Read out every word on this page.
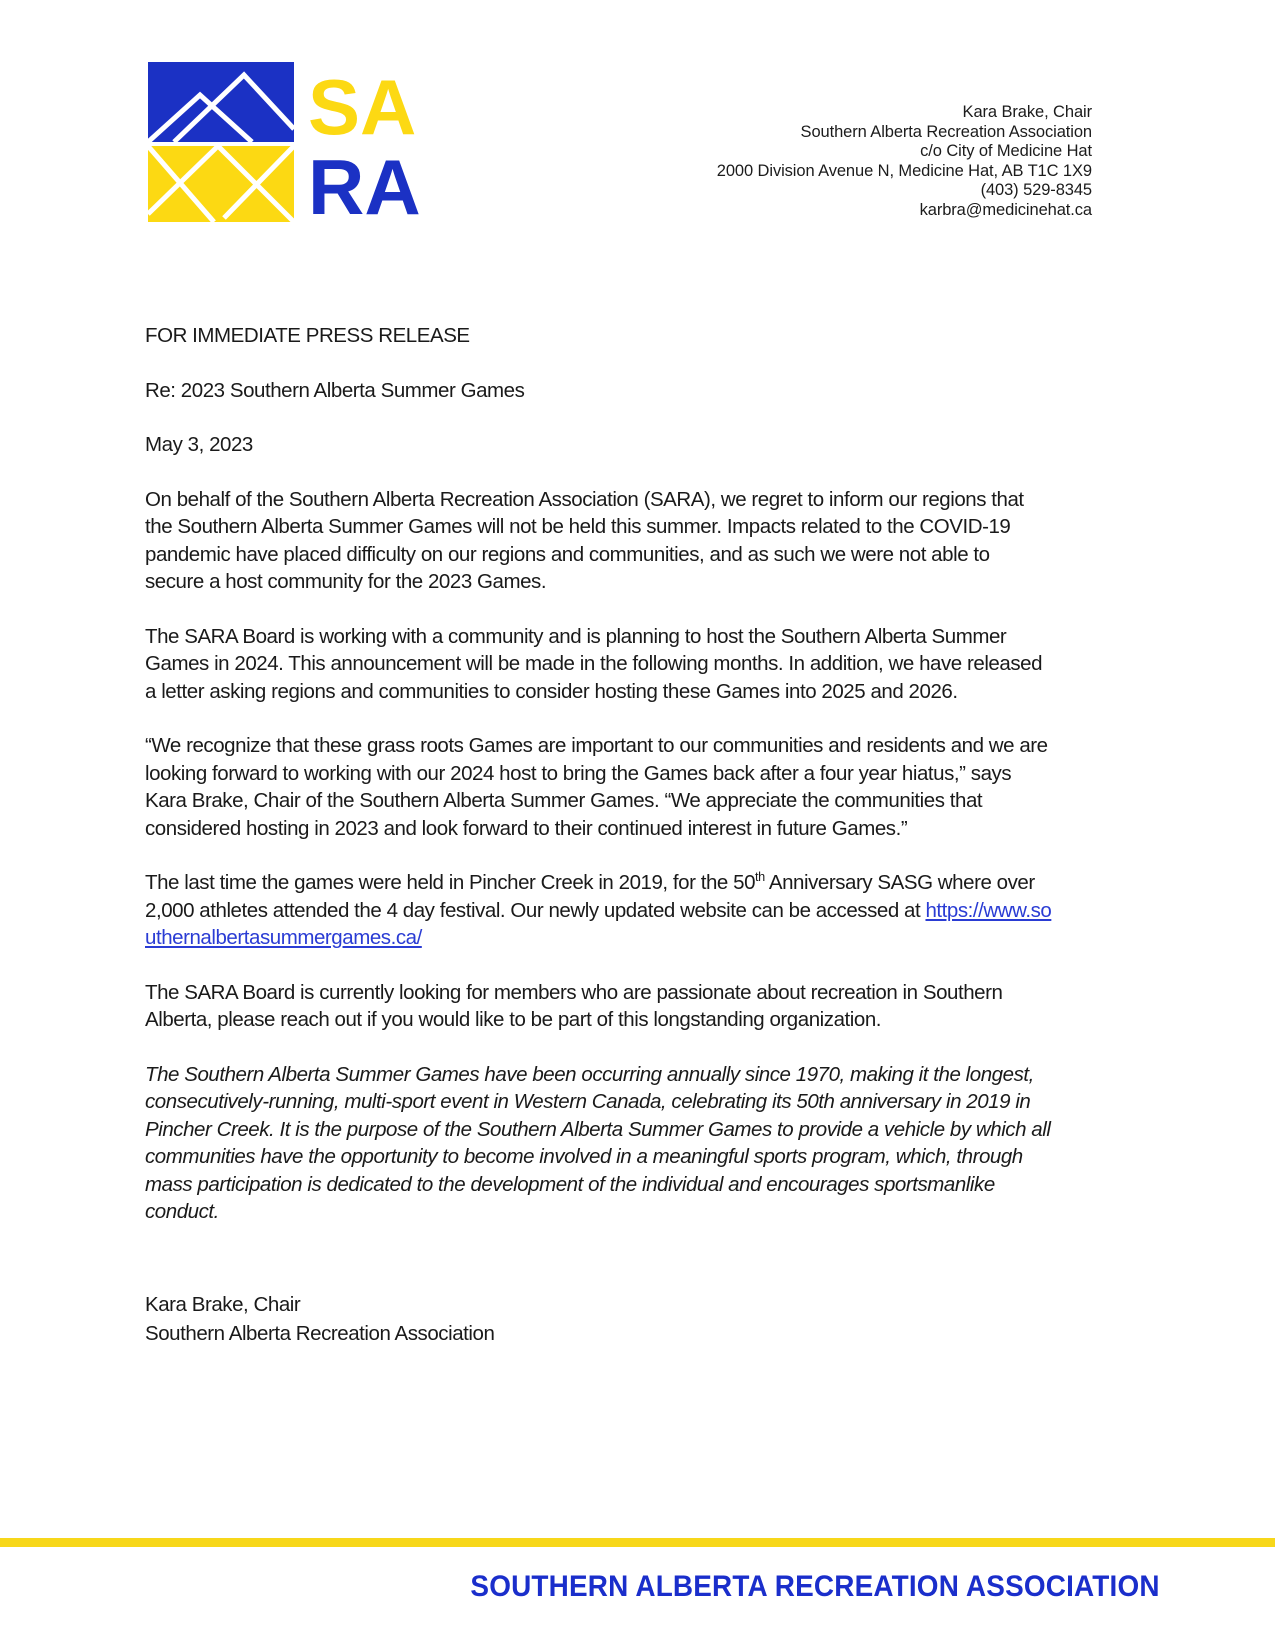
SA
RA
Kara Brake, Chair
Southern Alberta Recreation Association
c/o City of Medicine Hat
2000 Division Avenue N, Medicine Hat, AB T1C 1X9
(403) 529-8345
karbra@medicinehat.ca

FOR IMMEDIATE PRESS RELEASE

Re: 2023 Southern Alberta Summer Games

May 3, 2023

On behalf of the Southern Alberta Recreation Association (SARA), we regret to inform our regions that the Southern Alberta Summer Games will not be held this summer. Impacts related to the COVID-19 pandemic have placed difficulty on our regions and communities, and as such we were not able to secure a host community for the 2023 Games.

The SARA Board is working with a community and is planning to host the Southern Alberta Summer Games in 2024. This announcement will be made in the following months. In addition, we have released a letter asking regions and communities to consider hosting these Games into 2025 and 2026.

“We recognize that these grass roots Games are important to our communities and residents and we are looking forward to working with our 2024 host to bring the Games back after a four year hiatus,” says Kara Brake, Chair of the Southern Alberta Summer Games. “We appreciate the communities that considered hosting in 2023 and look forward to their continued interest in future Games.”

The last time the games were held in Pincher Creek in 2019, for the 50th Anniversary SASG where over 2,000 athletes attended the 4 day festival. Our newly updated website can be accessed at https://www.southernalbertasummergames.ca/

The SARA Board is currently looking for members who are passionate about recreation in Southern Alberta, please reach out if you would like to be part of this longstanding organization.

The Southern Alberta Summer Games have been occurring annually since 1970, making it the longest, consecutively-running, multi-sport event in Western Canada, celebrating its 50th anniversary in 2019 in Pincher Creek. It is the purpose of the Southern Alberta Summer Games to provide a vehicle by which all communities have the opportunity to become involved in a meaningful sports program, which, through mass participation is dedicated to the development of the individual and encourages sportsmanlike conduct.

Kara Brake, Chair

Southern Alberta Recreation Association

SOUTHERN ALBERTA RECREATION ASSOCIATION
